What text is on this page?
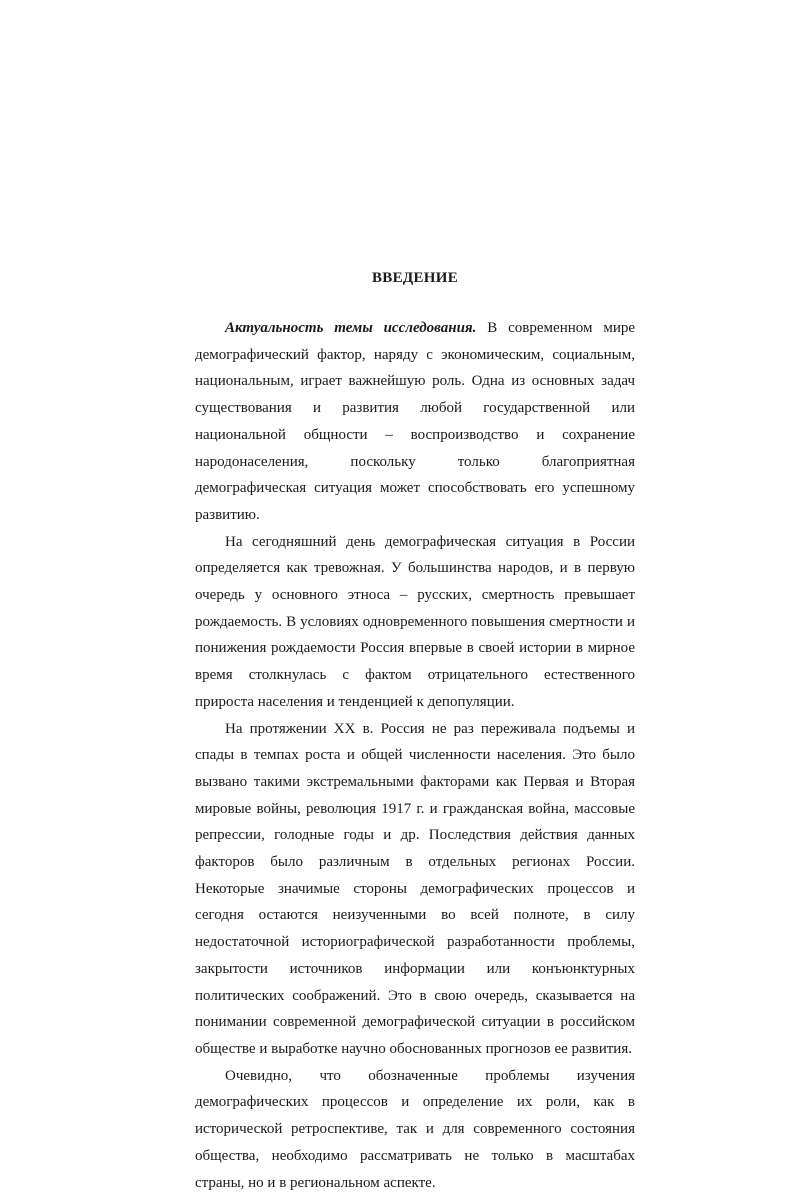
ВВЕДЕНИЕ

Актуальность темы исследования. В современном мире демографический фактор, наряду с экономическим, социальным, национальным, играет важнейшую роль. Одна из основных задач существования и развития любой государственной или национальной общности – воспроизводство и сохранение народонаселения, поскольку только благоприятная демографическая ситуация может способствовать его успешному развитию.

На сегодняшний день демографическая ситуация в России определяется как тревожная. У большинства народов, и в первую очередь у основного этноса – русских, смертность превышает рождаемость. В условиях одновременного повышения смертности и понижения рождаемости Россия впервые в своей истории в мирное время столкнулась с фактом отрицательного естественного прироста населения и тенденцией к депопуляции.

На протяжении XX в. Россия не раз переживала подъемы и спады в темпах роста и общей численности населения. Это было вызвано такими экстремальными факторами как Первая и Вторая мировые войны, революция 1917 г. и гражданская война, массовые репрессии, голодные годы и др. Последствия действия данных факторов было различным в отдельных регионах России. Некоторые значимые стороны демографических процессов и сегодня остаются неизученными во всей полноте, в силу недостаточной историографической разработанности проблемы, закрытости источников информации или конъюнктурных политических соображений. Это в свою очередь, сказывается на понимании современной демографической ситуации в российском обществе и выработке научно обоснованных прогнозов ее развития.

Очевидно, что обозначенные проблемы изучения демографических процессов и определение их роли, как в исторической ретроспективе, так и для современного состояния общества, необходимо рассматривать не только в масштабах страны, но и в региональном аспекте.
